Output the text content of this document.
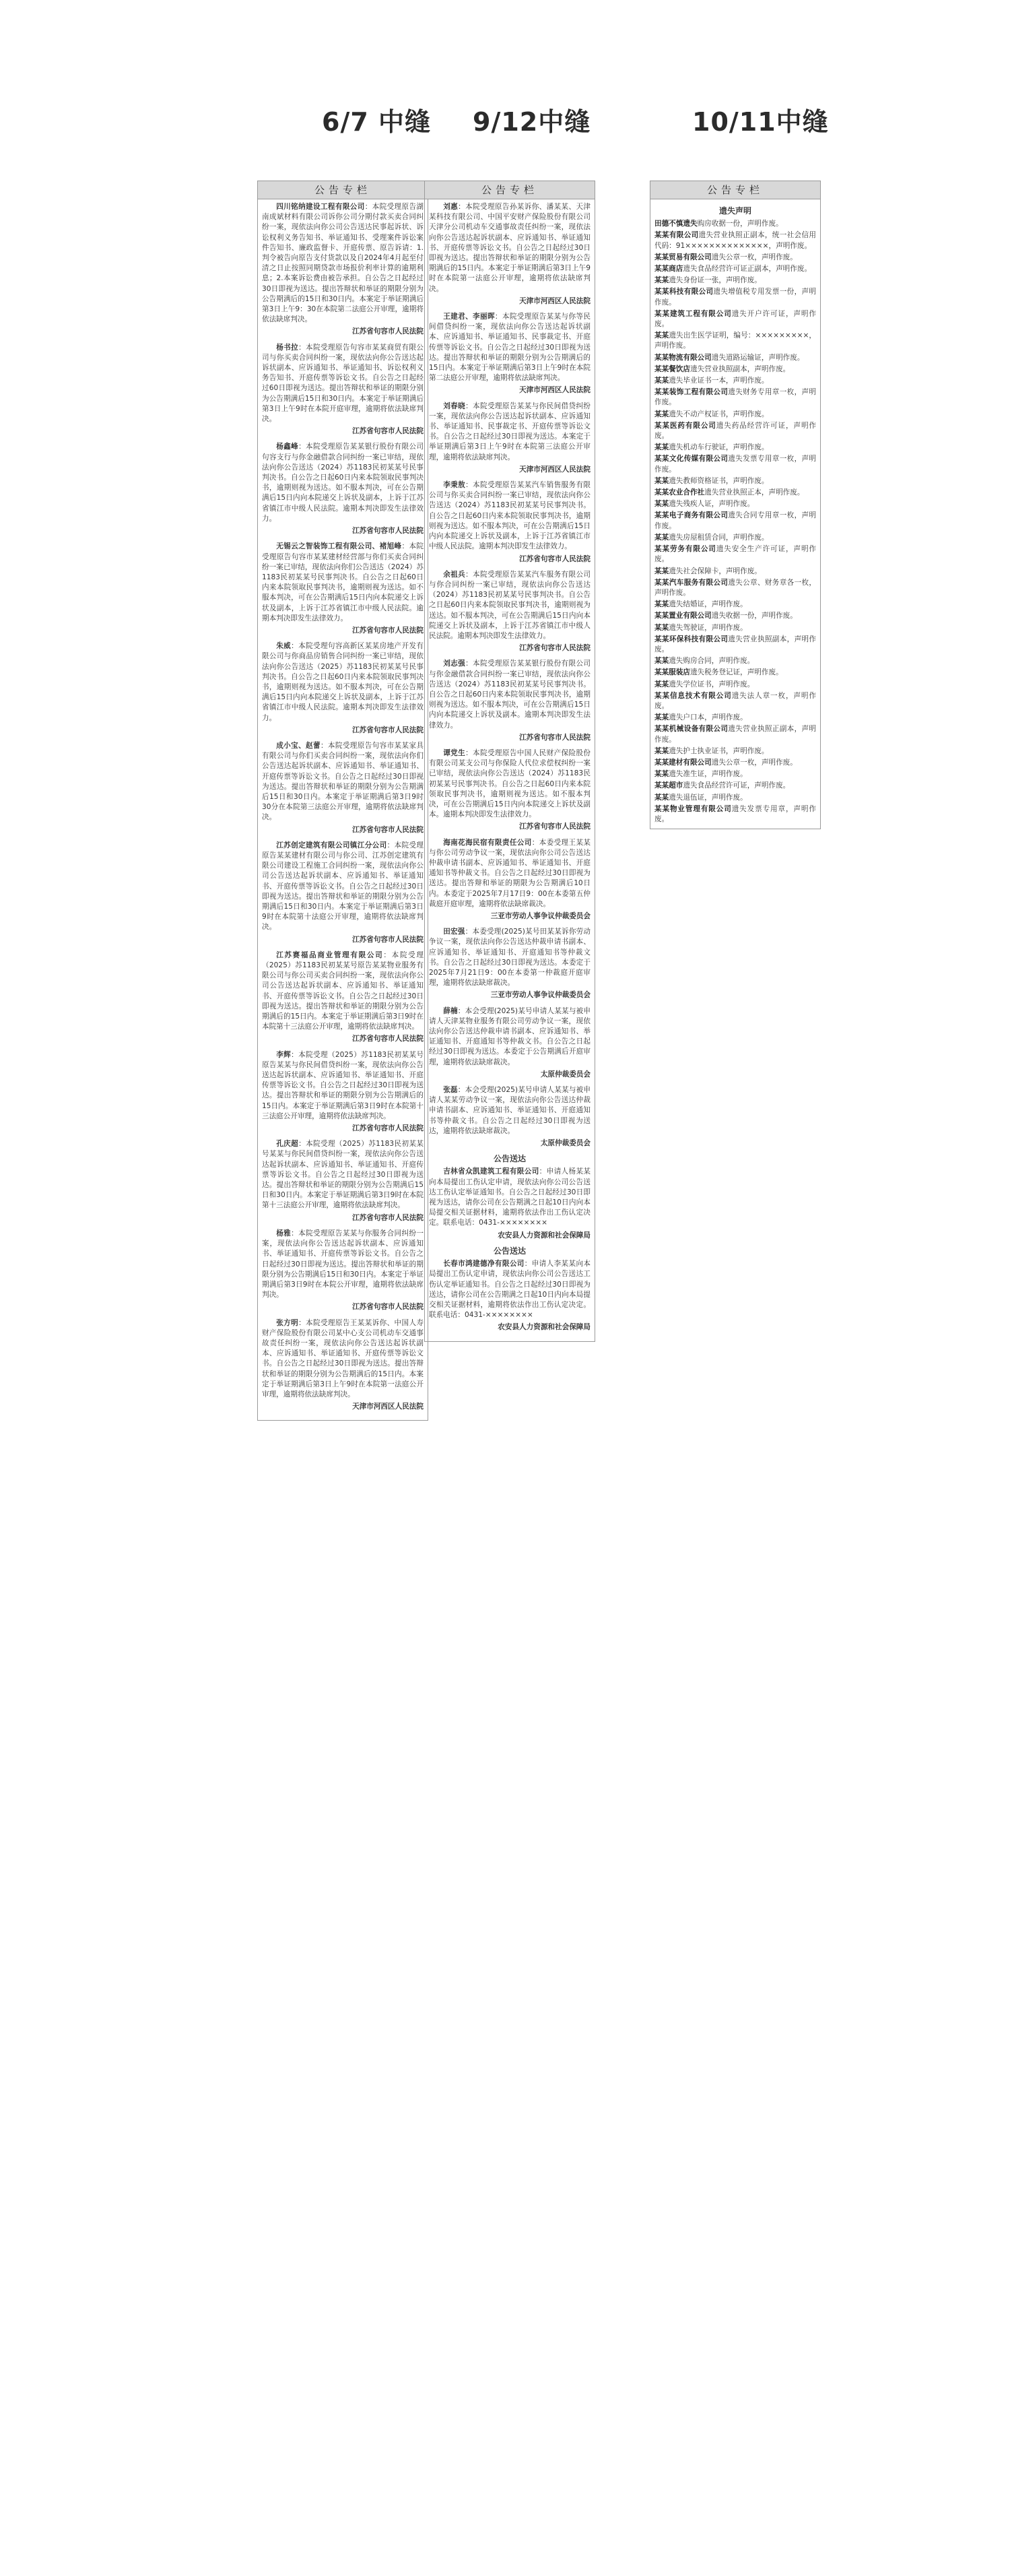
6/7 中缝 9/12中缝	10/11中缝
公告专栏

四川铭纳建设工程有限公司：本院受理原告湖南成斌材料有限公司诉你公司分期付款买卖合同纠纷一案，现依法向你公司公告送达民事起诉状、诉讼权利义务告知书、举证通知书、受理案件诉讼案件告知书、廉政监督卡、开庭传票、原告诉请：1.判令被告向原告支付货款以及自2024年4月起至付清之日止按照同期贷款市场报价利率计算的逾期利息；2.本案诉讼费由被告承担。自公告之日起经过30日即视为送达。提出答辩状和举证的期限分别为公告期满后的15日和30日内。本案定于举证期满后第3日上午9：30在本院第二法庭公开审理，逾期将依法缺席判决。

江苏省句容市人民法院

杨书拉：本院受理原告句容市某某商贸有限公司与你买卖合同纠纷一案，现依法向你公告送达起诉状副本、应诉通知书、举证通知书、诉讼权利义务告知书、开庭传票等诉讼文书。自公告之日起经过60日即视为送达。提出答辩状和举证的期限分别为公告期满后15日和30日内。本案定于举证期满后第3日上午9时在本院开庭审理，逾期将依法缺席判决。

江苏省句容市人民法院

杨鑫峰：本院受理原告某某银行股份有限公司句容支行与你金融借款合同纠纷一案已审结，现依法向你公告送达（2024）苏1183民初某某号民事判决书。自公告之日起60日内来本院领取民事判决书，逾期则视为送达。如不服本判决，可在公告期满后15日内向本院递交上诉状及副本，上诉于江苏省镇江市中级人民法院。逾期本判决即发生法律效力。

江苏省句容市人民法院

无锡云之智装饰工程有限公司、褚旭峰：本院受理原告句容市某某建材经营部与你们买卖合同纠纷一案已审结，现依法向你们公告送达（2024）苏1183民初某某号民事判决书。自公告之日起60日内来本院领取民事判决书，逾期则视为送达。如不服本判决，可在公告期满后15日内向本院递交上诉状及副本，上诉于江苏省镇江市中级人民法院。逾期本判决即发生法律效力。

江苏省句容市人民法院

朱威：本院受理句容高新区某某房地产开发有限公司与你商品房销售合同纠纷一案已审结，现依法向你公告送达（2025）苏1183民初某某号民事判决书。自公告之日起60日内来本院领取民事判决书，逾期则视为送达。如不服本判决，可在公告期满后15日内向本院递交上诉状及副本，上诉于江苏省镇江市中级人民法院。逾期本判决即发生法律效力。

江苏省句容市人民法院

成小宝、赵蕾：本院受理原告句容市某某家具有限公司与你们买卖合同纠纷一案，现依法向你们公告送达起诉状副本、应诉通知书、举证通知书、开庭传票等诉讼文书。自公告之日起经过30日即视为送达。提出答辩状和举证的期限分别为公告期满后15日和30日内。本案定于举证期满后第3日9时30分在本院第三法庭公开审理，逾期将依法缺席判决。

江苏省句容市人民法院

江苏创定建筑有限公司镇江分公司：本院受理原告某某建材有限公司与你公司、江苏创定建筑有限公司建设工程施工合同纠纷一案，现依法向你公司公告送达起诉状副本、应诉通知书、举证通知书、开庭传票等诉讼文书。自公告之日起经过30日即视为送达。提出答辩状和举证的期限分别为公告期满后15日和30日内。本案定于举证期满后第3日9时在本院第十法庭公开审理，逾期将依法缺席判决。

江苏省句容市人民法院

江苏赛福品商业管理有限公司：本院受理（2025）苏1183民初某某号原告某某物业服务有限公司与你公司买卖合同纠纷一案，现依法向你公司公告送达起诉状副本、应诉通知书、举证通知书、开庭传票等诉讼文书。自公告之日起经过30日即视为送达。提出答辩状和举证的期限分别为公告期满后的15日内。本案定于举证期满后第3日9时在本院第十三法庭公开审理，逾期将依法缺席判决。

江苏省句容市人民法院

李辉：本院受理（2025）苏1183民初某某号原告某某与你民间借贷纠纷一案，现依法向你公告送达起诉状副本、应诉通知书、举证通知书、开庭传票等诉讼文书。自公告之日起经过30日即视为送达。提出答辩状和举证的期限分别为公告期满后的15日内。本案定于举证期满后第3日9时在本院第十三法庭公开审理，逾期将依法缺席判决。

江苏省句容市人民法院

孔庆超：本院受理（2025）苏1183民初某某号某某与你民间借贷纠纷一案，现依法向你公告送达起诉状副本、应诉通知书、举证通知书、开庭传票等诉讼文书。自公告之日起经过30日即视为送达。提出答辩状和举证的期限分别为公告期满后15日和30日内。本案定于举证期满后第3日9时在本院第十三法庭公开审理，逾期将依法缺席判决。

江苏省句容市人民法院

杨雅：本院受理原告某某与你服务合同纠纷一案，现依法向你公告送达起诉状副本、应诉通知书、举证通知书、开庭传票等诉讼文书。自公告之日起经过30日即视为送达。提出答辩状和举证的期限分别为公告期满后15日和30日内。本案定于举证期满后第3日9时在本院公开审理，逾期将依法缺席判决。

江苏省句容市人民法院

张方明：本院受理原告王某某诉你、中国人寿财产保险股份有限公司某中心支公司机动车交通事故责任纠纷一案，现依法向你公告送达起诉状副本、应诉通知书、举证通知书、开庭传票等诉讼文书。自公告之日起经过30日即视为送达。提出答辩状和举证的期限分别为公告期满后的15日内。本案定于举证期满后第3日上午9时在本院第一法庭公开审理，逾期将依法缺席判决。

天津市河西区人民法院
公告专栏

刘惠：本院受理原告孙某诉你、潘某某、天津某科技有限公司、中国平安财产保险股份有限公司天津分公司机动车交通事故责任纠纷一案，现依法向你公告送达起诉状副本、应诉通知书、举证通知书、开庭传票等诉讼文书。自公告之日起经过30日即视为送达。提出答辩状和举证的期限分别为公告期满后的15日内。本案定于举证期满后第3日上午9时在本院第一法庭公开审理，逾期将依法缺席判决。

天津市河西区人民法院

王建君、李丽晖：本院受理原告某某与你等民间借贷纠纷一案，现依法向你公告送达起诉状副本、应诉通知书、举证通知书、民事裁定书、开庭传票等诉讼文书。自公告之日起经过30日即视为送达。提出答辩状和举证的期限分别为公告期满后的15日内。本案定于举证期满后第3日上午9时在本院第二法庭公开审理，逾期将依法缺席判决。

天津市河西区人民法院

刘春晓：本院受理原告某某与你民间借贷纠纷一案，现依法向你公告送达起诉状副本、应诉通知书、举证通知书、民事裁定书、开庭传票等诉讼文书。自公告之日起经过30日即视为送达。本案定于举证期满后第3日上午9时在本院第三法庭公开审理，逾期将依法缺席判决。

天津市河西区人民法院

李秉敖：本院受理原告某某汽车销售服务有限公司与你买卖合同纠纷一案已审结，现依法向你公告送达（2024）苏1183民初某某号民事判决书。自公告之日起60日内来本院领取民事判决书，逾期则视为送达。如不服本判决，可在公告期满后15日内向本院递交上诉状及副本，上诉于江苏省镇江市中级人民法院。逾期本判决即发生法律效力。

江苏省句容市人民法院

余祖兵：本院受理原告某某汽车服务有限公司与你合同纠纷一案已审结，现依法向你公告送达（2024）苏1183民初某某号民事判决书。自公告之日起60日内来本院领取民事判决书，逾期则视为送达。如不服本判决，可在公告期满后15日内向本院递交上诉状及副本，上诉于江苏省镇江市中级人民法院。逾期本判决即发生法律效力。

江苏省句容市人民法院

刘志强：本院受理原告某某银行股份有限公司与你金融借款合同纠纷一案已审结，现依法向你公告送达（2024）苏1183民初某某号民事判决书。自公告之日起60日内来本院领取民事判决书，逾期则视为送达。如不服本判决，可在公告期满后15日内向本院递交上诉状及副本。逾期本判决即发生法律效力。

江苏省句容市人民法院

谭党生：本院受理原告中国人民财产保险股份有限公司某支公司与你保险人代位求偿权纠纷一案已审结，现依法向你公告送达（2024）苏1183民初某某号民事判决书。自公告之日起60日内来本院领取民事判决书，逾期则视为送达。如不服本判决，可在公告期满后15日内向本院递交上诉状及副本。逾期本判决即发生法律效力。

江苏省句容市人民法院

海南花海民宿有限责任公司：本委受理王某某与你公司劳动争议一案，现依法向你公司公告送达仲裁申请书副本、应诉通知书、举证通知书、开庭通知书等仲裁文书。自公告之日起经过30日即视为送达。提出答辩和举证的期限为公告期满后10日内。本委定于2025年7月17日9：00在本委第五仲裁庭开庭审理，逾期将依法缺席裁决。

三亚市劳动人事争议仲裁委员会

田宏强：本委受理(2025)某号田某某诉你劳动争议一案，现依法向你公告送达仲裁申请书副本、应诉通知书、举证通知书、开庭通知书等仲裁文书。自公告之日起经过30日即视为送达。本委定于2025年7月21日9：00在本委第一仲裁庭开庭审理，逾期将依法缺席裁决。

三亚市劳动人事争议仲裁委员会

薛楠：本会受理(2025)某号申请人某某与被申请人天津某物业服务有限公司劳动争议一案，现依法向你公告送达仲裁申请书副本、应诉通知书、举证通知书、开庭通知书等仲裁文书。自公告之日起经过30日即视为送达。本委定于公告期满后开庭审理，逾期将依法缺席裁决。

太原仲裁委员会

张磊：本会受理(2025)某号申请人某某与被申请人某某劳动争议一案，现依法向你公告送达仲裁申请书副本、应诉通知书、举证通知书、开庭通知书等仲裁文书。自公告之日起经过30日即视为送达，逾期将依法缺席裁决。

太原仲裁委员会
公告送达

吉林省众凯建筑工程有限公司：申请人杨某某向本局提出工伤认定申请，现依法向你公司公告送达工伤认定举证通知书。自公告之日起经过30日即视为送达，请你公司在公告期满之日起10日内向本局提交相关证据材料，逾期将依法作出工伤认定决定。联系电话：0431-××××××××

农安县人力资源和社会保障局
公告送达

长春市鸿建德净有限公司：申请人李某某向本局提出工伤认定申请，现依法向你公司公告送达工伤认定举证通知书。自公告之日起经过30日即视为送达，请你公司在公告期满之日起10日内向本局提交相关证据材料，逾期将依法作出工伤认定决定。联系电话：0431-××××××××

农安县人力资源和社会保障局
公告专栏
遗失声明
田德不慎遗失购房收据一份，声明作废。
某某有限公司遗失营业执照正副本，统一社会信用代码：91××××××××××××××，声明作废。
某某贸易有限公司遗失公章一枚，声明作废。
某某商店遗失食品经营许可证正副本，声明作废。
某某遗失身份证一张，声明作废。
某某科技有限公司遗失增值税专用发票一份，声明作废。
某某建筑工程有限公司遗失开户许可证，声明作废。
某某遗失出生医学证明，编号：×××××××××，声明作废。
某某物流有限公司遗失道路运输证，声明作废。
某某餐饮店遗失营业执照副本，声明作废。
某某遗失毕业证书一本，声明作废。
某某装饰工程有限公司遗失财务专用章一枚，声明作废。
某某遗失不动产权证书，声明作废。
某某医药有限公司遗失药品经营许可证，声明作废。
某某遗失机动车行驶证，声明作废。
某某文化传媒有限公司遗失发票专用章一枚，声明作废。
某某遗失教师资格证书，声明作废。
某某农业合作社遗失营业执照正本，声明作废。
某某遗失残疾人证，声明作废。
某某电子商务有限公司遗失合同专用章一枚，声明作废。
某某遗失房屋租赁合同，声明作废。
某某劳务有限公司遗失安全生产许可证，声明作废。
某某遗失社会保障卡，声明作废。
某某汽车服务有限公司遗失公章、财务章各一枚，声明作废。
某某遗失结婚证，声明作废。
某某置业有限公司遗失收据一份，声明作废。
某某遗失驾驶证，声明作废。
某某环保科技有限公司遗失营业执照副本，声明作废。
某某遗失购房合同，声明作废。
某某服装店遗失税务登记证，声明作废。
某某遗失学位证书，声明作废。
某某信息技术有限公司遗失法人章一枚，声明作废。
某某遗失户口本，声明作废。
某某机械设备有限公司遗失营业执照正副本，声明作废。
某某遗失护士执业证书，声明作废。
某某建材有限公司遗失公章一枚，声明作废。
某某遗失准生证，声明作废。
某某超市遗失食品经营许可证，声明作废。
某某遗失退伍证，声明作废。
某某物业管理有限公司遗失发票专用章，声明作废。
